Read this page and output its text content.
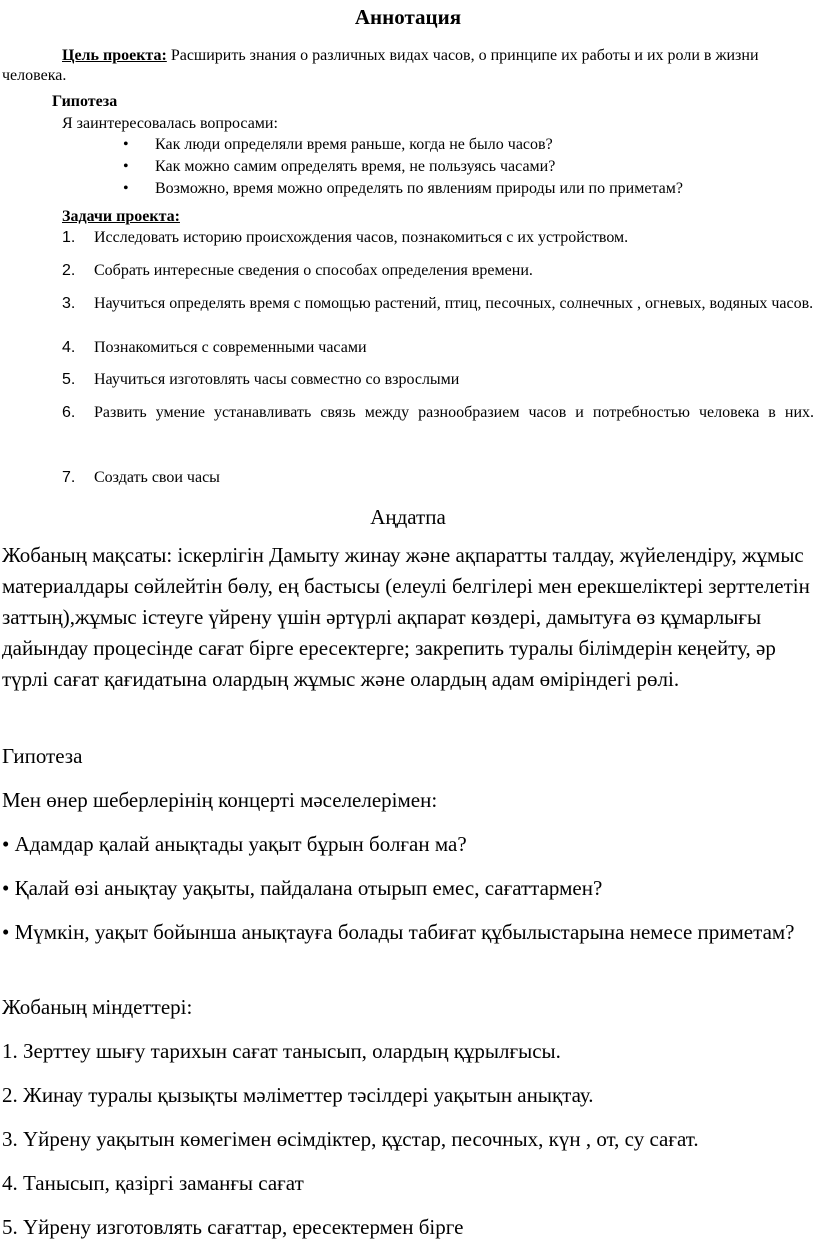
Аннотация
Цель проекта: Расширить знания о различных видах часов, о принципе их работы и их роли в жизни человека.
Гипотеза
Я заинтересовалась вопросами:
• Как люди определяли время раньше, когда не было часов?
• Как можно самим определять время, не пользуясь часами?
• Возможно, время можно определять по явлениям природы или по приметам?
Задачи проекта:
1. Исследовать историю происхождения часов, познакомиться с их устройством.
2. Собрать интересные сведения о способах определения времени.
3. Научиться определять время с помощью растений, птиц, песочных, солнечных , огневых, водяных часов.
4. Познакомиться с современными часами
5. Научиться изготовлять часы совместно со взрослыми
6. Развить умение устанавливать связь между разнообразием часов и потребностью человека в них.
7. Создать свои часы
Аңдатпа
Жобаның мақсаты: іскерлігін Дамыту жинау және ақпаратты талдау, жүйелендіру, жұмыс материалдары сөйлейтін бөлу, ең бастысы (елеулі белгілері мен ерекшеліктері зерттелетін заттың),жұмыс істеуге үйрену үшін әртүрлі ақпарат көздері, дамытуға өз құмарлығы дайындау процесінде сағат бірге ересектерге; закрепить туралы білімдерін кеңейту, әр түрлі сағат қағидатына олардың жұмыс және олардың адам өміріндегі рөлі.
Гипотеза
Мен өнер шеберлерінің концерті мәселелерімен:
• Адамдар қалай анықтады уақыт бұрын болған ма?
• Қалай өзі анықтау уақыты, пайдалана отырып емес, сағаттармен?
• Мүмкін, уақыт бойынша анықтауға болады табиғат құбылыстарына немесе приметам?
Жобаның міндеттері:
1. Зерттеу шығу тарихын сағат танысып, олардың құрылғысы.
2. Жинау туралы қызықты мәліметтер тәсілдері уақытын анықтау.
3. Үйрену уақытын көмегімен өсімдіктер, құстар, песочных, күн , от, су сағат.
4. Танысып, қазіргі заманғы сағат
5. Үйрену изготовлять сағаттар, ересектермен бірге
